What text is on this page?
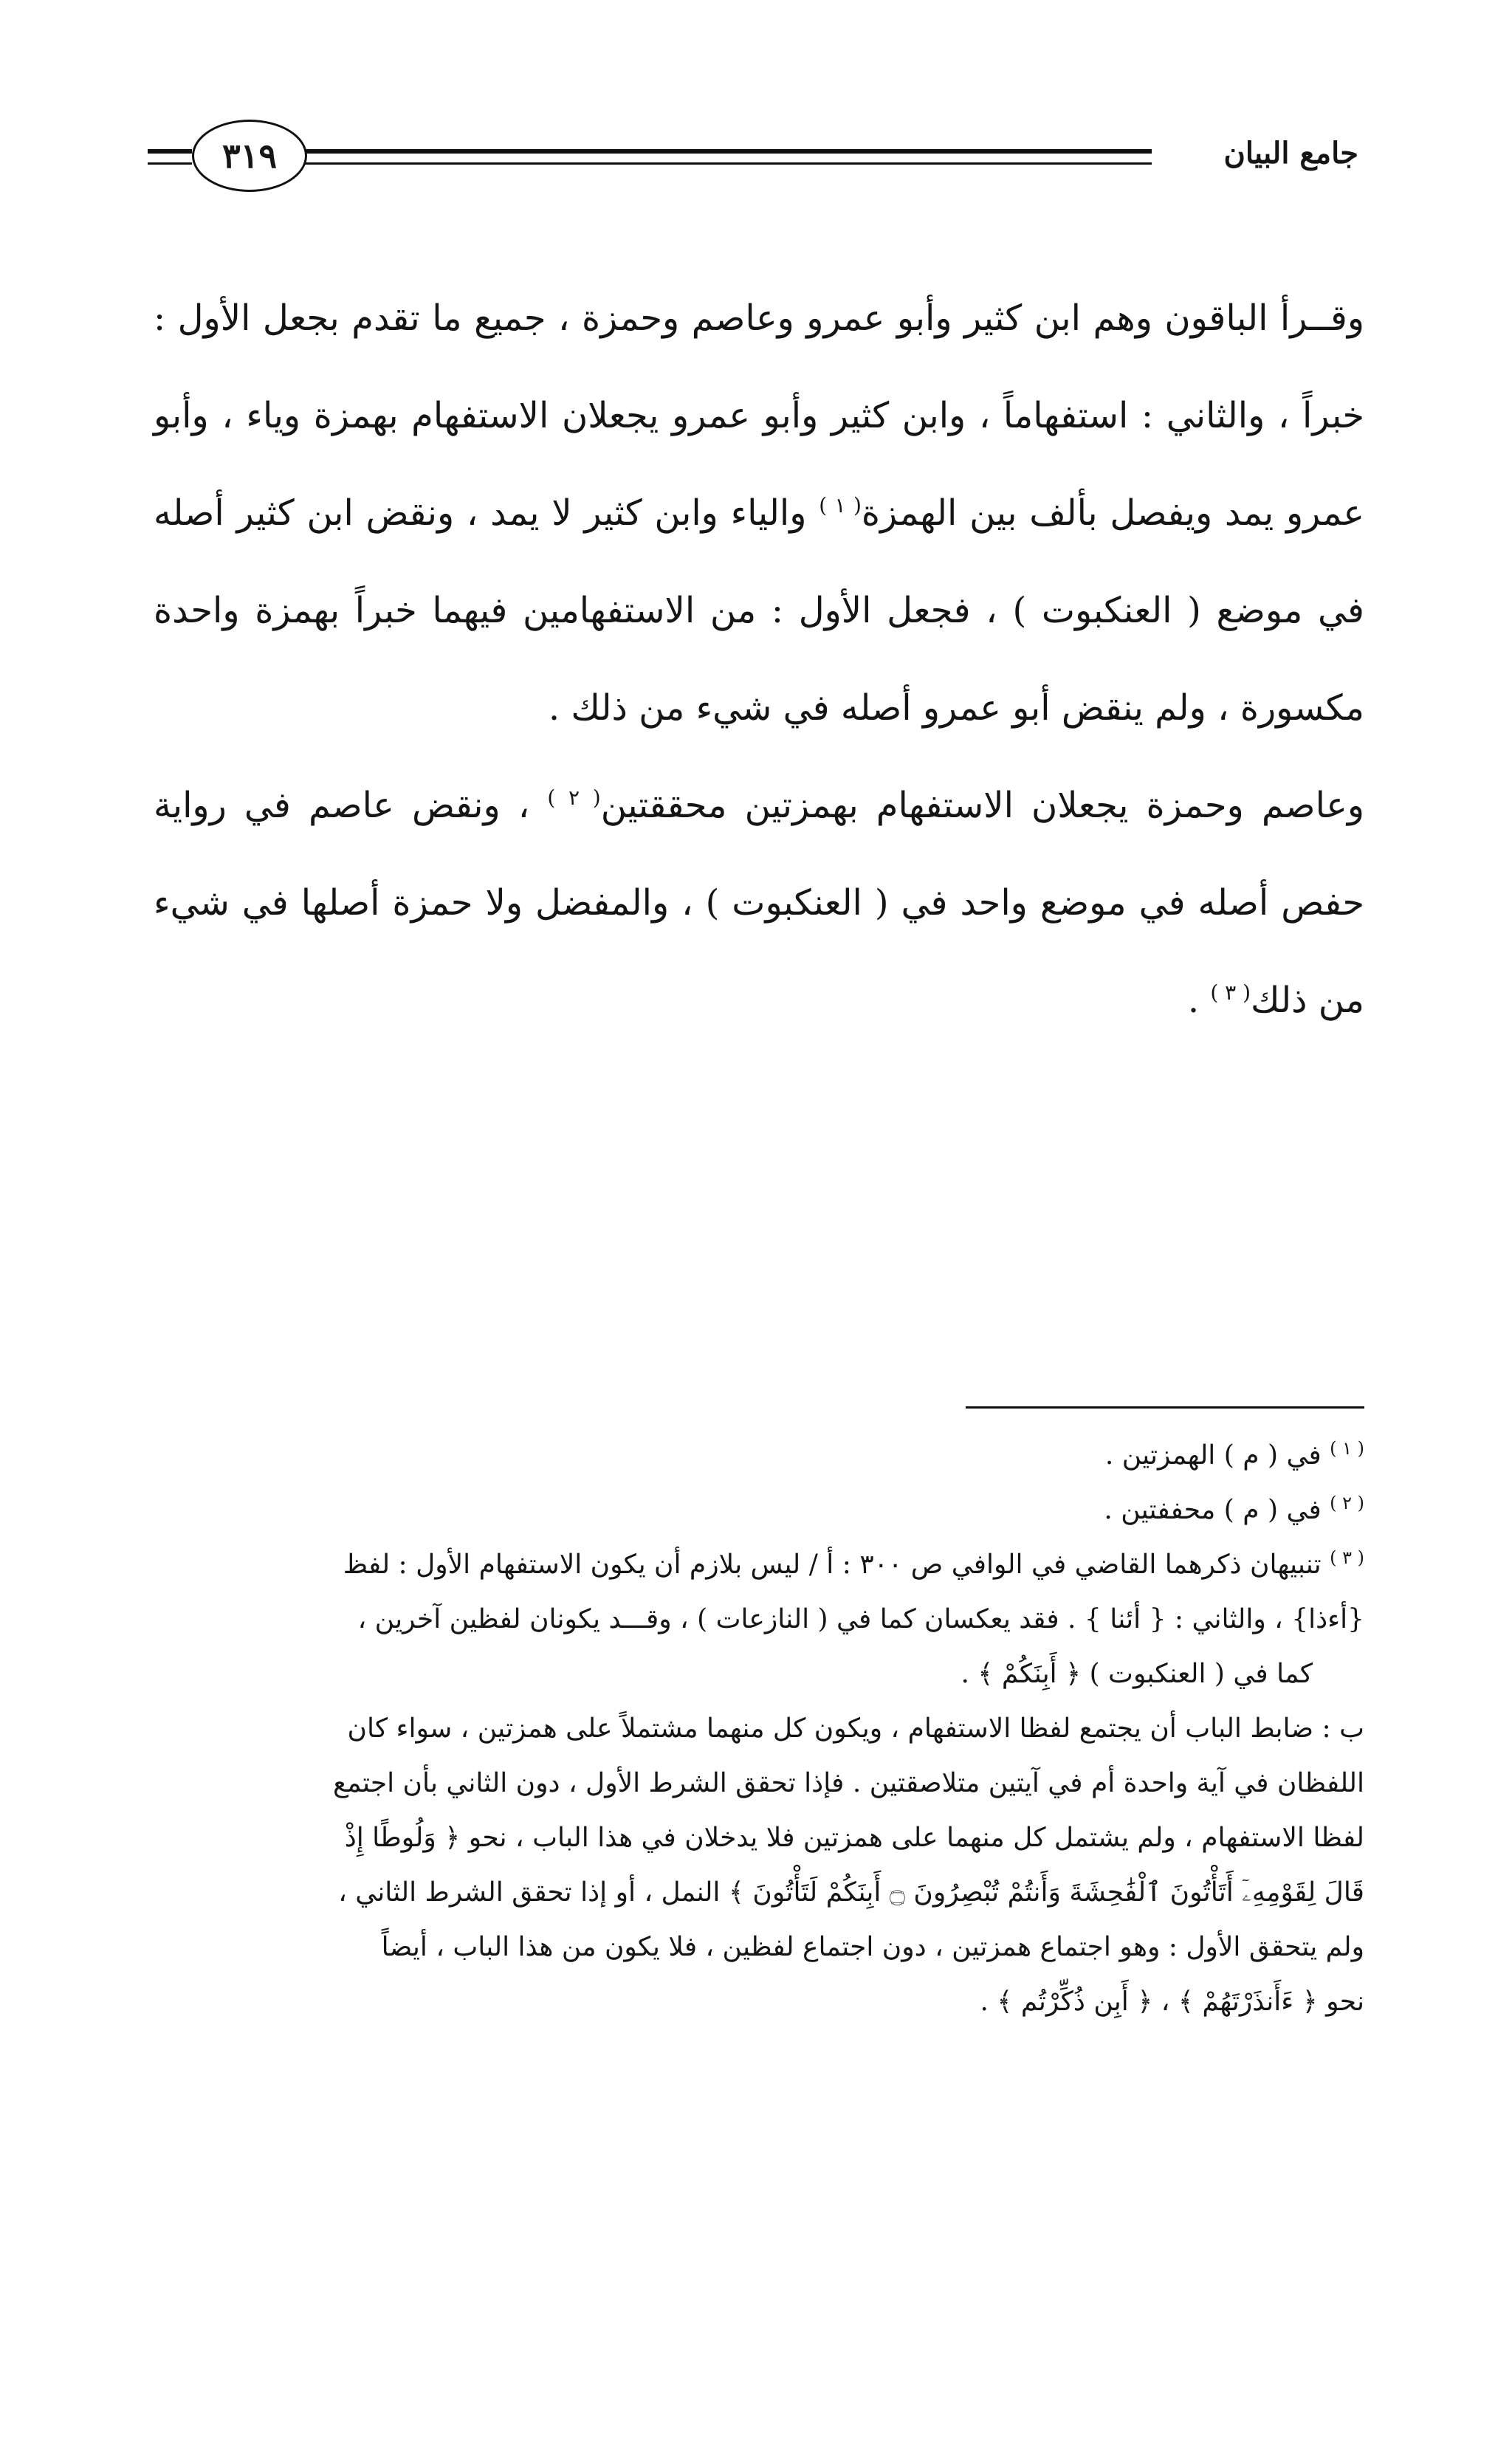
جامع البيان
٣١٩

وقــرأ الباقون وهم ابن كثير وأبو عمرو وعاصم وحمزة ، جميع ما تقدم بجعل الأول : خبراً ، والثاني : استفهاماً ، وابن كثير وأبو عمرو يجعلان الاستفهام بهمزة وياء ، وأبو عمرو يمد ويفصل بألف بين الهمزة$^{( ١ )}$ والياء وابن كثير لا يمد ، ونقض ابن كثير أصله في موضع ( العنكبوت ) ، فجعل الأول : من الاستفهامين فيهما خبراً بهمزة واحدة مكسورة ، ولم ينقض أبو عمرو أصله في شيء من ذلك .

وعاصم وحمزة يجعلان الاستفهام بهمزتين محققتين$^{( ٢ )}$ ، ونقض عاصم في رواية حفص أصله في موضع واحد في ( العنكبوت ) ، والمفضل ولا حمزة أصلها في شيء من ذلك$^{( ٣ )}$ .

$^{( ١ )}$ في ( م ) الهمزتين .

$^{( ٢ )}$ في ( م ) محففتين .

$^{( ٣ )}$ تنبيهان ذكرهما القاضي في الوافي ص ٣٠٠ : أ / ليس بلازم أن يكون الاستفهام الأول : لفظ

{أءذا} ، والثاني : { أئنا } . فقد يعكسان كما في ( النازعات ) ، وقـــد يكونان لفظين آخرين ،

كما في ( العنكبوت ) ﴿ أَبِنَكُمْ ﴾ .

ب : ضابط الباب أن يجتمع لفظا الاستفهام ، ويكون كل منهما مشتملاً على همزتين ، سواء كان

اللفظان في آية واحدة أم في آيتين متلاصقتين . فإذا تحقق الشرط الأول ، دون الثاني بأن اجتمع

لفظا الاستفهام ، ولم يشتمل كل منهما على همزتين فلا يدخلان في هذا الباب ، نحو ﴿ وَلُوطًا إِذْ

قَالَ لِقَوْمِهِۦٓ أَتَأْتُونَ ٱلْفَٰحِشَةَ وَأَنتُمْ تُبْصِرُونَ ۝ أَبِنَكُمْ لَتَأْتُونَ ﴾ النمل ، أو إذا تحقق الشرط الثاني ،

ولم يتحقق الأول : وهو اجتماع همزتين ، دون اجتماع لفظين ، فلا يكون من هذا الباب ، أيضاً

نحو ﴿ ءَأَنذَرْتَهُمْ ﴾ ، ﴿ أَبِن ذُكِّرْتُم ﴾ .
